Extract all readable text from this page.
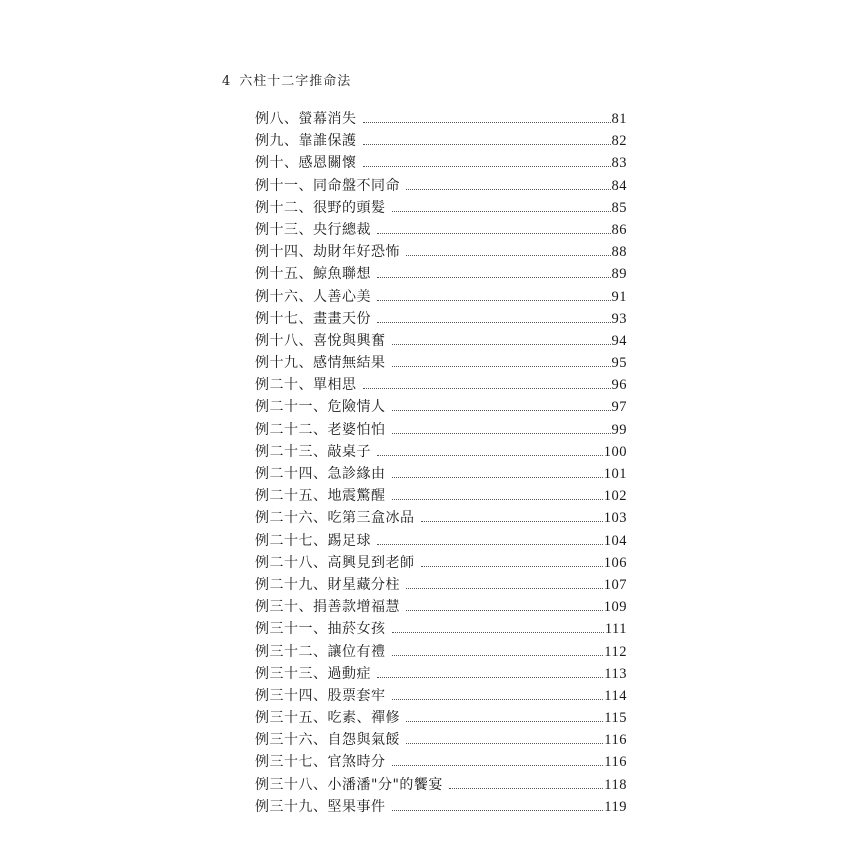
4 六柱十二字推命法
例八、螢幕消失	81
例九、靠誰保護	82
例十、感恩關懷	83
例十一、同命盤不同命	84
例十二、很野的頭髮	85
例十三、央行總裁	86
例十四、劫財年好恐怖	88
例十五、鯨魚聯想	89
例十六、人善心美	91
例十七、畫畫天份	93
例十八、喜悅與興奮	94
例十九、感情無結果	95
例二十、單相思	96
例二十一、危險情人	97
例二十二、老婆怕怕	99
例二十三、敲桌子	100
例二十四、急診緣由	101
例二十五、地震驚醒	102
例二十六、吃第三盒冰品	103
例二十七、踢足球	104
例二十八、高興見到老師	106
例二十九、財星藏分柱	107
例三十、捐善款增福慧	109
例三十一、抽菸女孩	111
例三十二、讓位有禮	112
例三十三、過動症	113
例三十四、股票套牢	114
例三十五、吃素、禪修	115
例三十六、自怨與氣餒	116
例三十七、官煞時分	116
例三十八、小潘潘"分"的饗宴	118
例三十九、堅果事件	119
